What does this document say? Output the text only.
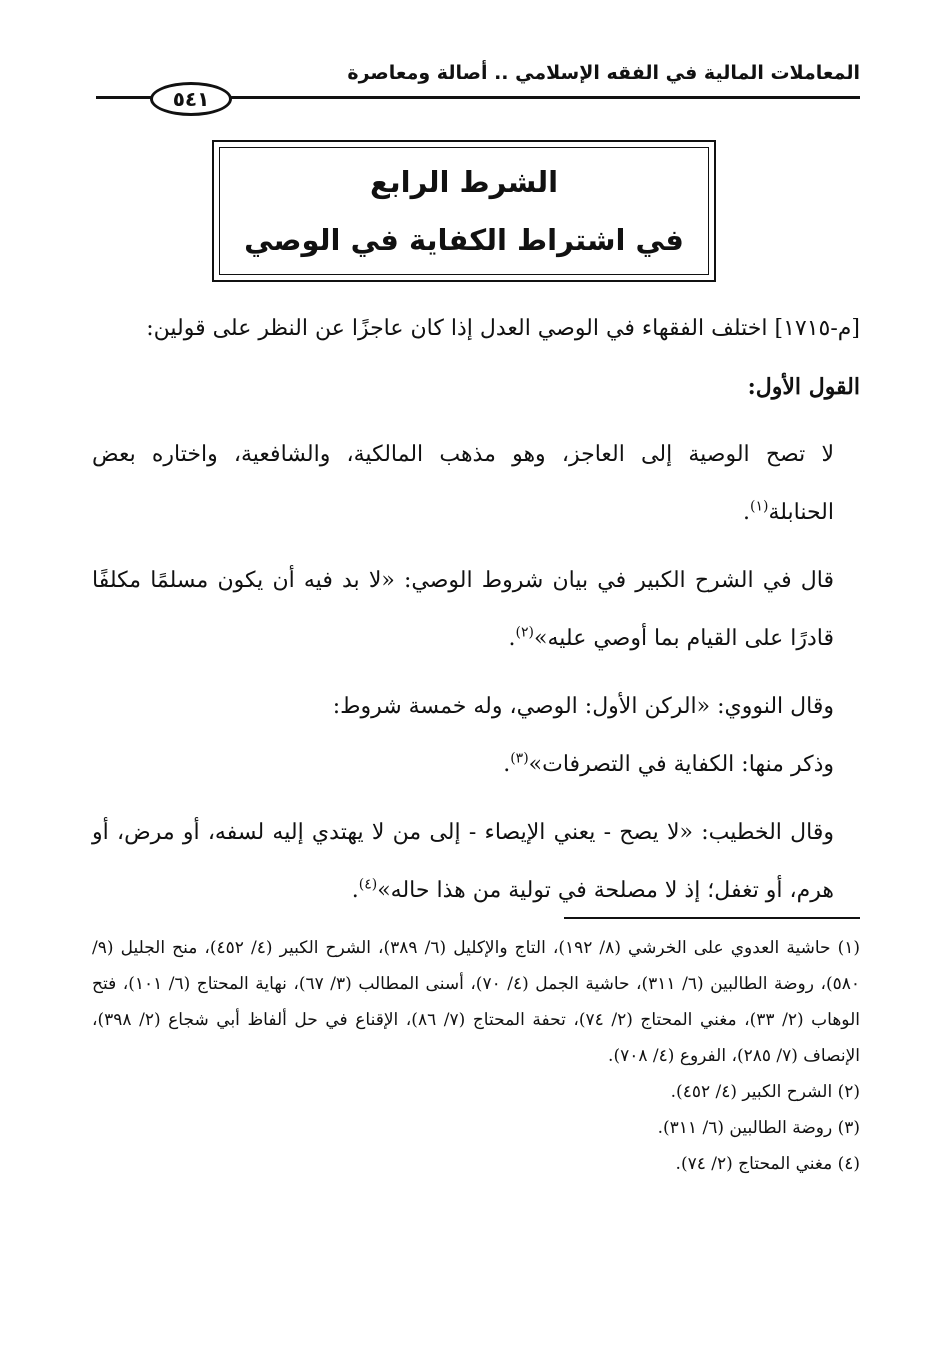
المعاملات المالية في الفقه الإسلامي .. أصالة ومعاصرة
٥٤١
الشرط الرابع
في اشتراط الكفاية في الوصي

[م-١٧١٥] اختلف الفقهاء في الوصي العدل إذا كان عاجزًا عن النظر على قولين:

القول الأول:

لا تصح الوصية إلى العاجز، وهو مذهب المالكية، والشافعية، واختاره بعض الحنابلة$^{(١)}$.

قال في الشرح الكبير في بيان شروط الوصي: «لا بد فيه أن يكون مسلمًا مكلفًا قادرًا على القيام بما أوصي عليه»$^{(٢)}$.

وقال النووي: «الركن الأول: الوصي، وله خمسة شروط:

وذكر منها: الكفاية في التصرفات»$^{(٣)}$.

وقال الخطيب: «لا يصح - يعني الإيصاء - إلى من لا يهتدي إليه لسفه، أو مرض، أو هرم، أو تغفل؛ إذ لا مصلحة في تولية من هذا حاله»$^{(٤)}$.

(١) حاشية العدوي على الخرشي (٨/ ١٩٢)، التاج والإكليل (٦/ ٣٨٩)، الشرح الكبير (٤/ ٤٥٢)، منح الجليل (٩/ ٥٨٠)، روضة الطالبين (٦/ ٣١١)، حاشية الجمل (٤/ ٧٠)، أسنى المطالب (٣/ ٦٧)، نهاية المحتاج (٦/ ١٠١)، فتح الوهاب (٢/ ٣٣)، مغني المحتاج (٢/ ٧٤)، تحفة المحتاج (٧/ ٨٦)، الإقناع في حل ألفاظ أبي شجاع (٢/ ٣٩٨)، الإنصاف (٧/ ٢٨٥)، الفروع (٤/ ٧٠٨).

(٢) الشرح الكبير (٤/ ٤٥٢).

(٣) روضة الطالبين (٦/ ٣١١).

(٤) مغني المحتاج (٢/ ٧٤).
